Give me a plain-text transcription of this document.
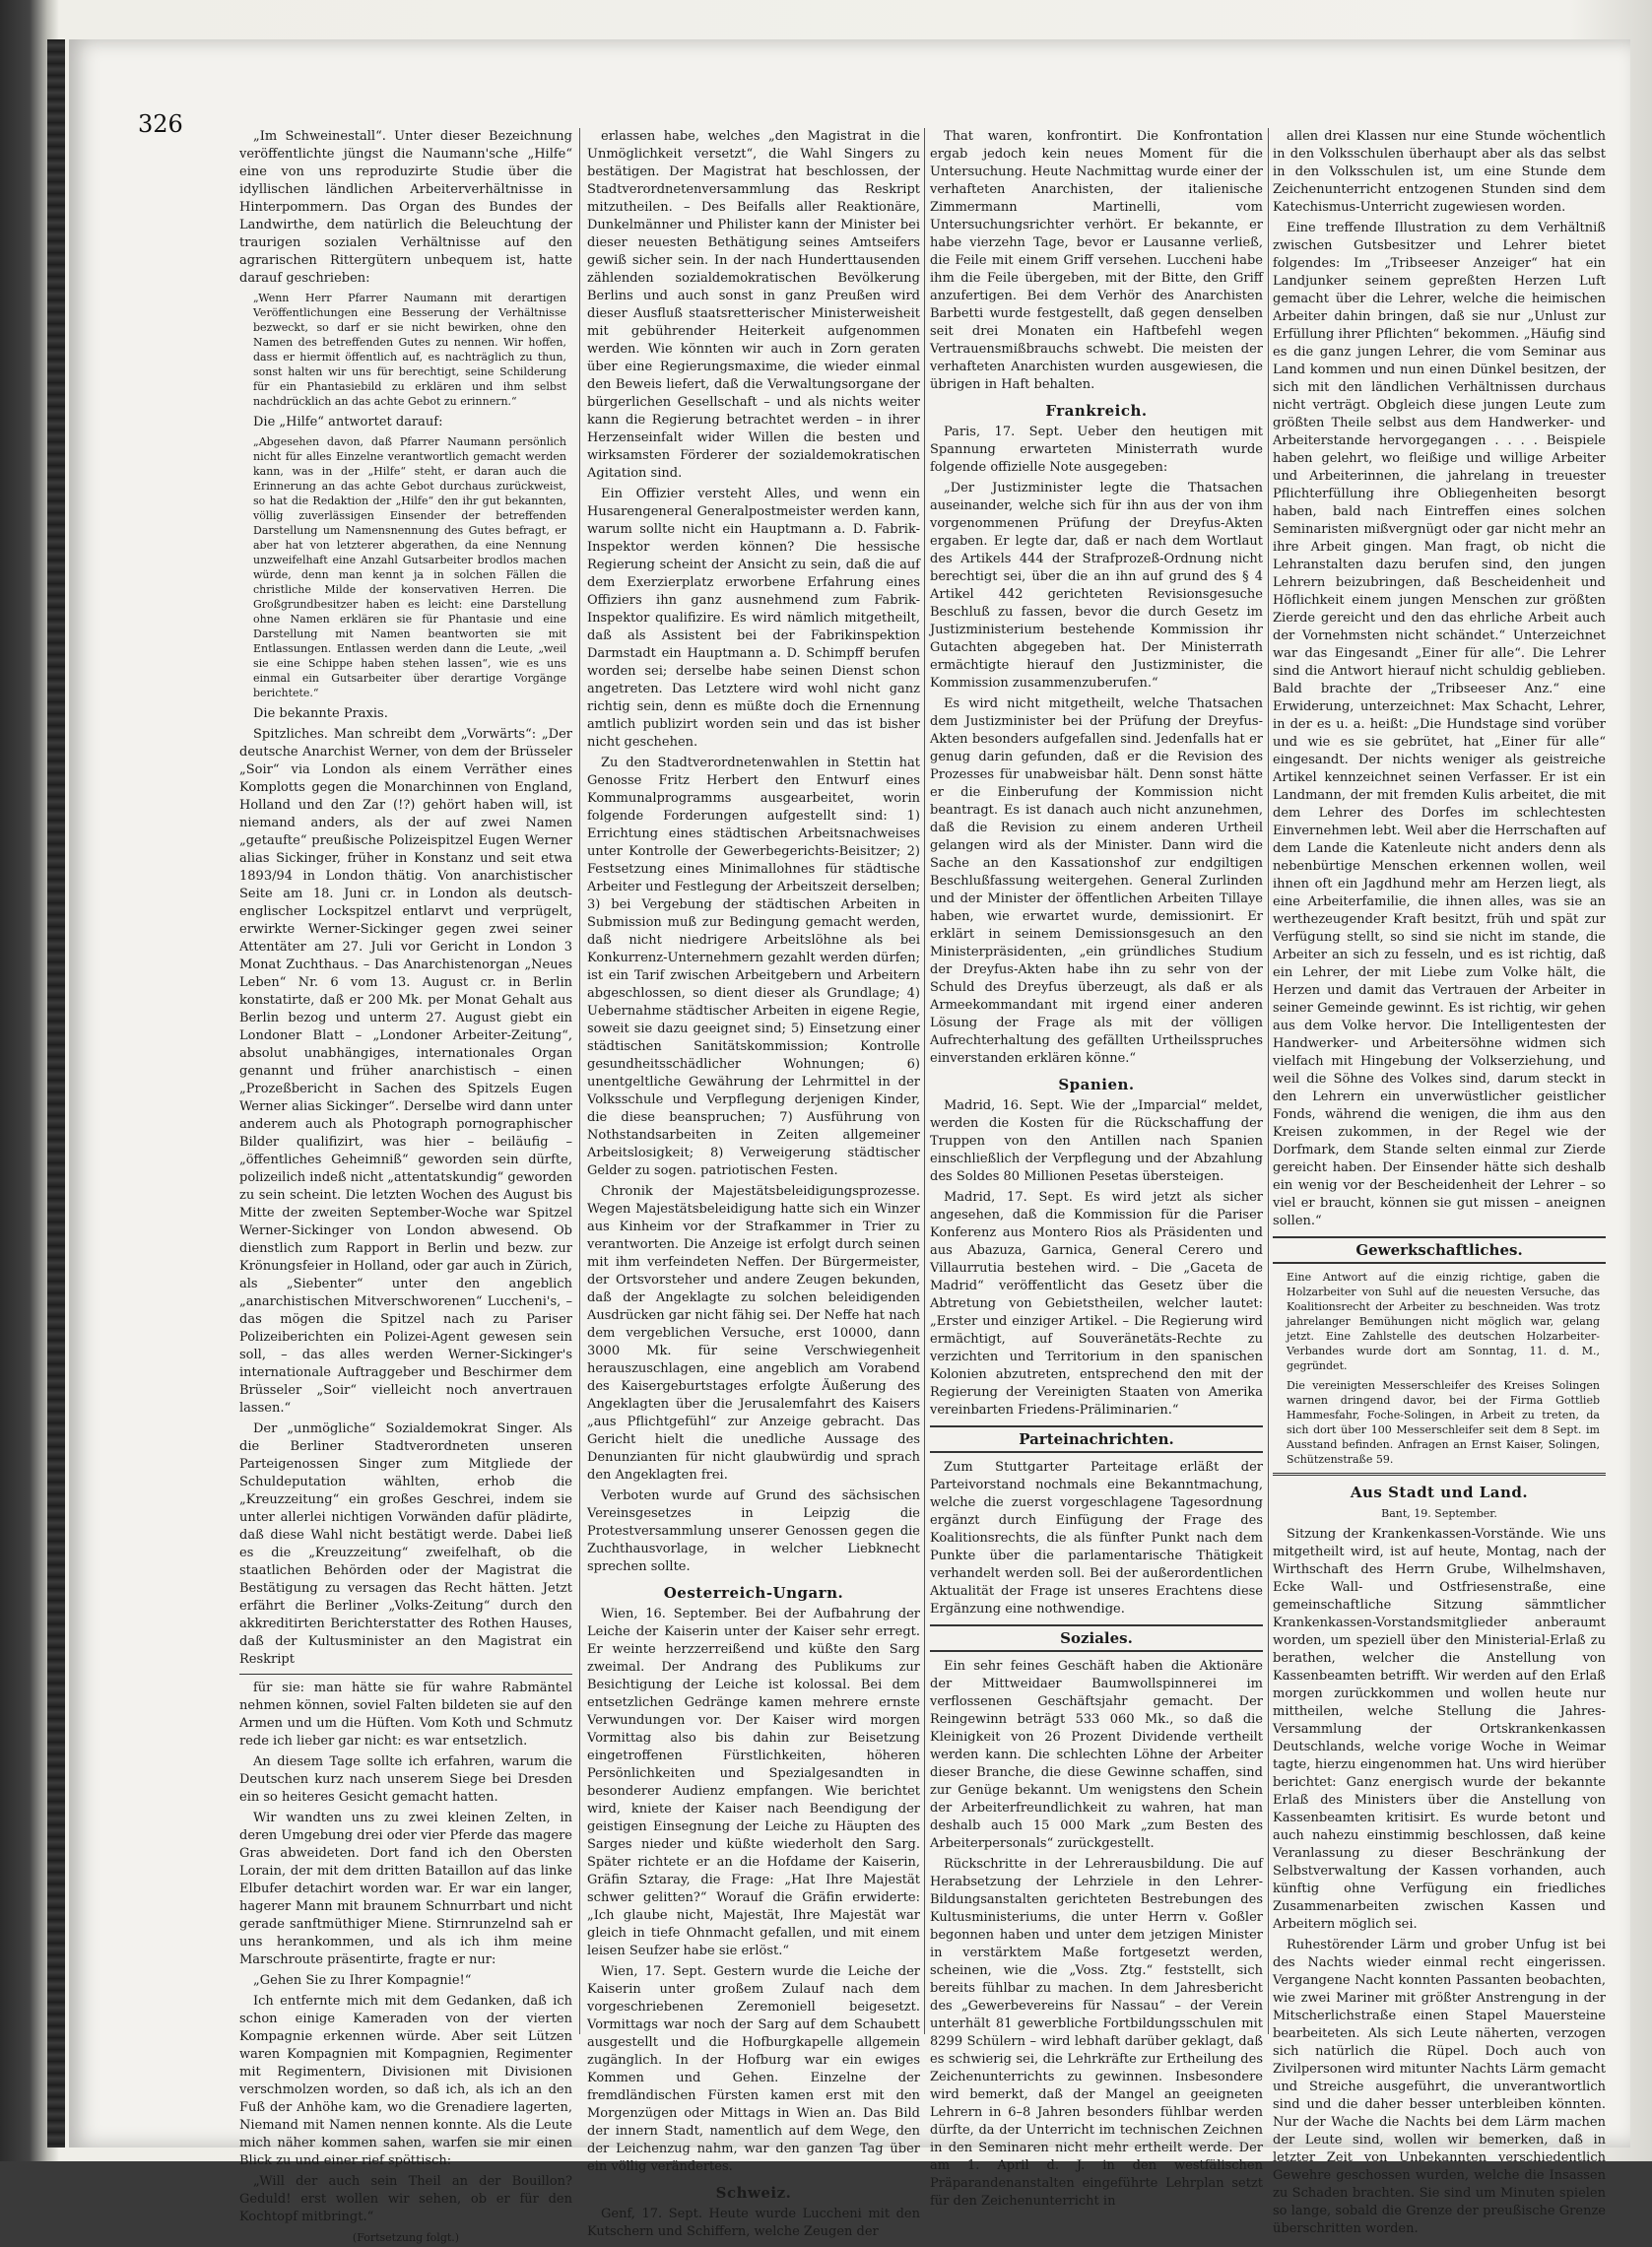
326	„Im Schweinestall“. Unter dieser Bezeichnung veröffentlichte jüngst die Naumann'sche „Hilfe“ eine von uns reproduzirte Studie über die idyllischen ländlichen Arbeiterverhältnisse in Hinterpommern. Das Organ des Bundes der Landwirthe, dem natürlich die Beleuchtung der traurigen sozialen Verhältnisse auf den agrarischen Rittergütern unbequem ist, hatte darauf geschrieben:

„Wenn Herr Pfarrer Naumann mit derartigen Veröffentlichungen eine Besserung der Verhältnisse bezweckt, so darf er sie nicht bewirken, ohne den Namen des betreffenden Gutes zu nennen. Wir hoffen, dass er hiermit öffentlich auf, es nachträglich zu thun, sonst halten wir uns für berechtigt, seine Schilderung für ein Phantasiebild zu erklären und ihm selbst nachdrücklich an das achte Gebot zu erinnern.“

Die „Hilfe“ antwortet darauf:

„Abgesehen davon, daß Pfarrer Naumann persönlich nicht für alles Einzelne verantwortlich gemacht werden kann, was in der „Hilfe“ steht, er daran auch die Erinnerung an das achte Gebot durchaus zurückweist, so hat die Redaktion der „Hilfe“ den ihr gut bekannten, völlig zuverlässigen Einsender der betreffenden Darstellung um Namensnennung des Gutes befragt, er aber hat von letzterer abgerathen, da eine Nennung unzweifelhaft eine Anzahl Gutsarbeiter brodlos machen würde, denn man kennt ja in solchen Fällen die christliche Milde der konservativen Herren. Die Großgrundbesitzer haben es leicht: eine Darstellung ohne Namen erklären sie für Phantasie und eine Darstellung mit Namen beantworten sie mit Entlassungen. Entlassen werden dann die Leute, „weil sie eine Schippe haben stehen lassen“, wie es uns einmal ein Gutsarbeiter über derartige Vorgänge berichtete.“

Die bekannte Praxis.

Spitzliches. Man schreibt dem „Vorwärts“: „Der deutsche Anarchist Werner, von dem der Brüsseler „Soir“ via London als einem Verräther eines Komplotts gegen die Monarchinnen von England, Holland und den Zar (!?) gehört haben will, ist niemand anders, als der auf zwei Namen „getaufte“ preußische Polizeispitzel Eugen Werner alias Sickinger, früher in Konstanz und seit etwa 1893/94 in London thätig. Von anarchistischer Seite am 18. Juni cr. in London als deutsch-englischer Lockspitzel entlarvt und verprügelt, erwirkte Werner-Sickinger gegen zwei seiner Attentäter am 27. Juli vor Gericht in London 3 Monat Zuchthaus. – Das Anarchistenorgan „Neues Leben“ Nr. 6 vom 13. August cr. in Berlin konstatirte, daß er 200 Mk. per Monat Gehalt aus Berlin bezog und unterm 27. August giebt ein Londoner Blatt – „Londoner Arbeiter-Zeitung“, absolut unabhängiges, internationales Organ genannt und früher anarchistisch – einen „Prozeßbericht in Sachen des Spitzels Eugen Werner alias Sickinger“. Derselbe wird dann unter anderem auch als Photograph pornographischer Bilder qualifizirt, was hier – beiläufig – „öffentliches Geheimniß“ geworden sein dürfte, polizeilich indeß nicht „attentatskundig“ geworden zu sein scheint. Die letzten Wochen des August bis Mitte der zweiten September-Woche war Spitzel Werner-Sickinger von London abwesend. Ob dienstlich zum Rapport in Berlin und bezw. zur Krönungsfeier in Holland, oder gar auch in Zürich, als „Siebenter“ unter den angeblich „anarchistischen Mitverschworenen“ Luccheni's, – das mögen die Spitzel nach zu Pariser Polizeiberichten ein Polizei-Agent gewesen sein soll, – das alles werden Werner-Sickinger's internationale Auftraggeber und Beschirmer dem Brüsseler „Soir“ vielleicht noch anvertrauen lassen.“

Der „unmögliche“ Sozialdemokrat Singer. Als die Berliner Stadtverordneten unseren Parteigenossen Singer zum Mitgliede der Schuldeputation wählten, erhob die „Kreuzzeitung“ ein großes Geschrei, indem sie unter allerlei nichtigen Vorwänden dafür plädirte, daß diese Wahl nicht bestätigt werde. Dabei ließ es die „Kreuzzeitung“ zweifelhaft, ob die staatlichen Behörden oder der Magistrat die Bestätigung zu versagen das Recht hätten. Jetzt erfährt die Berliner „Volks-Zeitung“ durch den akkreditirten Berichterstatter des Rothen Hauses, daß der Kultusminister an den Magistrat ein Reskript

für sie: man hätte sie für wahre Rabmäntel nehmen können, soviel Falten bildeten sie auf den Armen und um die Hüften. Vom Koth und Schmutz rede ich lieber gar nicht: es war entsetzlich.

An diesem Tage sollte ich erfahren, warum die Deutschen kurz nach unserem Siege bei Dresden ein so heiteres Gesicht gemacht hatten.

Wir wandten uns zu zwei kleinen Zelten, in deren Umgebung drei oder vier Pferde das magere Gras abweideten. Dort fand ich den Obersten Lorain, der mit dem dritten Bataillon auf das linke Elbufer detachirt worden war. Er war ein langer, hagerer Mann mit braunem Schnurrbart und nicht gerade sanftmüthiger Miene. Stirnrunzelnd sah er uns herankommen, und als ich ihm meine Marschroute präsentirte, fragte er nur:

„Gehen Sie zu Ihrer Kompagnie!“

Ich entfernte mich mit dem Gedanken, daß ich schon einige Kameraden von der vierten Kompagnie erkennen würde. Aber seit Lützen waren Kompagnien mit Kompagnien, Regimenter mit Regimentern, Divisionen mit Divisionen verschmolzen worden, so daß ich, als ich an den Fuß der Anhöhe kam, wo die Grenadiere lagerten, Niemand mit Namen nennen konnte. Als die Leute mich näher kommen sahen, warfen sie mir einen Blick zu und einer rief spöttisch:

„Will der auch sein Theil an der Bouillon? Geduld! erst wollen wir sehen, ob er für den Kochtopf mitbringt.“

(Fortsetzung folgt.)

erlassen habe, welches „den Magistrat in die Unmöglichkeit versetzt“, die Wahl Singers zu bestätigen. Der Magistrat hat beschlossen, der Stadtverordnetenversammlung das Reskript mitzutheilen. – Des Beifalls aller Reaktionäre, Dunkelmänner und Philister kann der Minister bei dieser neuesten Bethätigung seines Amtseifers gewiß sicher sein. In der nach Hunderttausenden zählenden sozialdemokratischen Bevölkerung Berlins und auch sonst in ganz Preußen wird dieser Ausfluß staatsretterischer Ministerweisheit mit gebührender Heiterkeit aufgenommen werden. Wie könnten wir auch in Zorn geraten über eine Regierungsmaxime, die wieder einmal den Beweis liefert, daß die Verwaltungsorgane der bürgerlichen Gesellschaft – und als nichts weiter kann die Regierung betrachtet werden – in ihrer Herzenseinfalt wider Willen die besten und wirksamsten Förderer der sozialdemokratischen Agitation sind.

Ein Offizier versteht Alles, und wenn ein Husarengeneral Generalpostmeister werden kann, warum sollte nicht ein Hauptmann a. D. Fabrik-Inspektor werden können? Die hessische Regierung scheint der Ansicht zu sein, daß die auf dem Exerzierplatz erworbene Erfahrung eines Offiziers ihn ganz ausnehmend zum Fabrik-Inspektor qualifizire. Es wird nämlich mitgetheilt, daß als Assistent bei der Fabrikinspektion Darmstadt ein Hauptmann a. D. Schimpff berufen worden sei; derselbe habe seinen Dienst schon angetreten. Das Letztere wird wohl nicht ganz richtig sein, denn es müßte doch die Ernennung amtlich publizirt worden sein und das ist bisher nicht geschehen.

Zu den Stadtverordnetenwahlen in Stettin hat Genosse Fritz Herbert den Entwurf eines Kommunalprogramms ausgearbeitet, worin folgende Forderungen aufgestellt sind: 1) Errichtung eines städtischen Arbeitsnachweises unter Kontrolle der Gewerbegerichts-Beisitzer; 2) Festsetzung eines Minimallohnes für städtische Arbeiter und Festlegung der Arbeitszeit derselben; 3) bei Vergebung der städtischen Arbeiten in Submission muß zur Bedingung gemacht werden, daß nicht niedrigere Arbeitslöhne als bei Konkurrenz-Unternehmern gezahlt werden dürfen; ist ein Tarif zwischen Arbeitgebern und Arbeitern abgeschlossen, so dient dieser als Grundlage; 4) Uebernahme städtischer Arbeiten in eigene Regie, soweit sie dazu geeignet sind; 5) Einsetzung einer städtischen Sanitätskommission; Kontrolle gesundheitsschädlicher Wohnungen; 6) unentgeltliche Gewährung der Lehrmittel in der Volksschule und Verpflegung derjenigen Kinder, die diese beanspruchen; 7) Ausführung von Nothstandsarbeiten in Zeiten allgemeiner Arbeitslosigkeit; 8) Verweigerung städtischer Gelder zu sogen. patriotischen Festen.

Chronik der Majestätsbeleidigungsprozesse. Wegen Majestätsbeleidigung hatte sich ein Winzer aus Kinheim vor der Strafkammer in Trier zu verantworten. Die Anzeige ist erfolgt durch seinen mit ihm verfeindeten Neffen. Der Bürgermeister, der Ortsvorsteher und andere Zeugen bekunden, daß der Angeklagte zu solchen beleidigenden Ausdrücken gar nicht fähig sei. Der Neffe hat nach dem vergeblichen Versuche, erst 10000, dann 3000 Mk. für seine Verschwiegenheit herauszuschlagen, eine angeblich am Vorabend des Kaisergeburtstages erfolgte Äußerung des Angeklagten über die Jerusalemfahrt des Kaisers „aus Pflichtgefühl“ zur Anzeige gebracht. Das Gericht hielt die unedliche Aussage des Denunzianten für nicht glaubwürdig und sprach den Angeklagten frei.

Verboten wurde auf Grund des sächsischen Vereinsgesetzes in Leipzig die Protestversammlung unserer Genossen gegen die Zuchthausvorlage, in welcher Liebknecht sprechen sollte.

Oesterreich-Ungarn.

Wien, 16. September. Bei der Aufbahrung der Leiche der Kaiserin unter der Kaiser sehr erregt. Er weinte herzzerreißend und küßte den Sarg zweimal. Der Andrang des Publikums zur Besichtigung der Leiche ist kolossal. Bei dem entsetzlichen Gedränge kamen mehrere ernste Verwundungen vor. Der Kaiser wird morgen Vormittag also bis dahin zur Beisetzung eingetroffenen Fürstlichkeiten, höheren Persönlichkeiten und Spezialgesandten in besonderer Audienz empfangen. Wie berichtet wird, kniete der Kaiser nach Beendigung der geistigen Einsegnung der Leiche zu Häupten des Sarges nieder und küßte wiederholt den Sarg. Später richtete er an die Hofdame der Kaiserin, Gräfin Sztaray, die Frage: „Hat Ihre Majestät schwer gelitten?“ Worauf die Gräfin erwiderte: „Ich glaube nicht, Majestät, Ihre Majestät war gleich in tiefe Ohnmacht gefallen, und mit einem leisen Seufzer habe sie erlöst.“

Wien, 17. Sept. Gestern wurde die Leiche der Kaiserin unter großem Zulauf nach dem vorgeschriebenen Zeremoniell beigesetzt. Vormittags war noch der Sarg auf dem Schaubett ausgestellt und die Hofburgkapelle allgemein zugänglich. In der Hofburg war ein ewiges Kommen und Gehen. Einzelne der fremdländischen Fürsten kamen erst mit den Morgenzügen oder Mittags in Wien an. Das Bild der innern Stadt, namentlich auf dem Wege, den der Leichenzug nahm, war den ganzen Tag über ein völlig verändertes.

Schweiz.

Genf, 17. Sept. Heute wurde Luccheni mit den Kutschern und Schiffern, welche Zeugen der

That waren, konfrontirt. Die Konfrontation ergab jedoch kein neues Moment für die Untersuchung. Heute Nachmittag wurde einer der verhafteten Anarchisten, der italienische Zimmermann Martinelli, vom Untersuchungsrichter verhört. Er bekannte, er habe vierzehn Tage, bevor er Lausanne verließ, die Feile mit einem Griff versehen. Luccheni habe ihm die Feile übergeben, mit der Bitte, den Griff anzufertigen. Bei dem Verhör des Anarchisten Barbetti wurde festgestellt, daß gegen denselben seit drei Monaten ein Haftbefehl wegen Vertrauensmißbrauchs schwebt. Die meisten der verhafteten Anarchisten wurden ausgewiesen, die übrigen in Haft behalten.

Frankreich.

Paris, 17. Sept. Ueber den heutigen mit Spannung erwarteten Ministerrath wurde folgende offizielle Note ausgegeben:

„Der Justizminister legte die Thatsachen auseinander, welche sich für ihn aus der von ihm vorgenommenen Prüfung der Dreyfus-Akten ergaben. Er legte dar, daß er nach dem Wortlaut des Artikels 444 der Strafprozeß-Ordnung nicht berechtigt sei, über die an ihn auf grund des § 4 Artikel 442 gerichteten Revisionsgesuche Beschluß zu fassen, bevor die durch Gesetz im Justizministerium bestehende Kommission ihr Gutachten abgegeben hat. Der Ministerrath ermächtigte hierauf den Justizminister, die Kommission zusammenzuberufen.“

Es wird nicht mitgetheilt, welche Thatsachen dem Justizminister bei der Prüfung der Dreyfus-Akten besonders aufgefallen sind. Jedenfalls hat er genug darin gefunden, daß er die Revision des Prozesses für unabweisbar hält. Denn sonst hätte er die Einberufung der Kommission nicht beantragt. Es ist danach auch nicht anzunehmen, daß die Revision zu einem anderen Urtheil gelangen wird als der Minister. Dann wird die Sache an den Kassationshof zur endgiltigen Beschlußfassung weitergehen. General Zurlinden und der Minister der öffentlichen Arbeiten Tillaye haben, wie erwartet wurde, demissionirt. Er erklärt in seinem Demissionsgesuch an den Ministerpräsidenten, „ein gründliches Studium der Dreyfus-Akten habe ihn zu sehr von der Schuld des Dreyfus überzeugt, als daß er als Armeekommandant mit irgend einer anderen Lösung der Frage als mit der völligen Aufrechterhaltung des gefällten Urtheilsspruches einverstanden erklären könne.“

Spanien.

Madrid, 16. Sept. Wie der „Imparcial“ meldet, werden die Kosten für die Rückschaffung der Truppen von den Antillen nach Spanien einschließlich der Verpflegung und der Abzahlung des Soldes 80 Millionen Pesetas übersteigen.

Madrid, 17. Sept. Es wird jetzt als sicher angesehen, daß die Kommission für die Pariser Konferenz aus Montero Rios als Präsidenten und aus Abazuza, Garnica, General Cerero und Villaurrutia bestehen wird. – Die „Gaceta de Madrid“ veröffentlicht das Gesetz über die Abtretung von Gebietstheilen, welcher lautet: „Erster und einziger Artikel. – Die Regierung wird ermächtigt, auf Souveränetäts-Rechte zu verzichten und Territorium in den spanischen Kolonien abzutreten, entsprechend den mit der Regierung der Vereinigten Staaten von Amerika vereinbarten Friedens-Präliminarien.“

Parteinachrichten.

Zum Stuttgarter Parteitage erläßt der Parteivorstand nochmals eine Bekanntmachung, welche die zuerst vorgeschlagene Tagesordnung ergänzt durch Einfügung der Frage des Koalitionsrechts, die als fünfter Punkt nach dem Punkte über die parlamentarische Thätigkeit verhandelt werden soll. Bei der außerordentlichen Aktualität der Frage ist unseres Erachtens diese Ergänzung eine nothwendige.

Soziales.

Ein sehr feines Geschäft haben die Aktionäre der Mittweidaer Baumwollspinnerei im verflossenen Geschäftsjahr gemacht. Der Reingewinn beträgt 533 060 Mk., so daß die Kleinigkeit von 26 Prozent Dividende vertheilt werden kann. Die schlechten Löhne der Arbeiter dieser Branche, die diese Gewinne schaffen, sind zur Genüge bekannt. Um wenigstens den Schein der Arbeiterfreundlichkeit zu wahren, hat man deshalb auch 15 000 Mark „zum Besten des Arbeiterpersonals“ zurückgestellt.

Rückschritte in der Lehrerausbildung. Die auf Herabsetzung der Lehrziele in den Lehrer-Bildungsanstalten gerichteten Bestrebungen des Kultusministeriums, die unter Herrn v. Goßler begonnen haben und unter dem jetzigen Minister in verstärktem Maße fortgesetzt werden, scheinen, wie die „Voss. Ztg.“ feststellt, sich bereits fühlbar zu machen. In dem Jahresbericht des „Gewerbevereins für Nassau“ – der Verein unterhält 81 gewerbliche Fortbildungsschulen mit 8299 Schülern – wird lebhaft darüber geklagt, daß es schwierig sei, die Lehrkräfte zur Ertheilung des Zeichenunterrichts zu gewinnen. Insbesondere wird bemerkt, daß der Mangel an geeigneten Lehrern in 6–8 Jahren besonders fühlbar werden dürfte, da der Unterricht im technischen Zeichnen in den Seminaren nicht mehr ertheilt werde. Der am 1. April d. J. in den westfälischen Präparandenanstalten eingeführte Lehrplan setzt für den Zeichenunterricht in

allen drei Klassen nur eine Stunde wöchentlich in den Volksschulen überhaupt aber als das selbst in den Volksschulen ist, um eine Stunde dem Zeichenunterricht entzogenen Stunden sind dem Katechismus-Unterricht zugewiesen worden.

Eine treffende Illustration zu dem Verhältniß zwischen Gutsbesitzer und Lehrer bietet folgendes: Im „Tribseeser Anzeiger“ hat ein Landjunker seinem gepreßten Herzen Luft gemacht über die Lehrer, welche die heimischen Arbeiter dahin bringen, daß sie nur „Unlust zur Erfüllung ihrer Pflichten“ bekommen. „Häufig sind es die ganz jungen Lehrer, die vom Seminar aus Land kommen und nun einen Dünkel besitzen, der sich mit den ländlichen Verhältnissen durchaus nicht verträgt. Obgleich diese jungen Leute zum größten Theile selbst aus dem Handwerker- und Arbeiterstande hervorgegangen . . . . Beispiele haben gelehrt, wo fleißige und willige Arbeiter und Arbeiterinnen, die jahrelang in treuester Pflichterfüllung ihre Obliegenheiten besorgt haben, bald nach Eintreffen eines solchen Seminaristen mißvergnügt oder gar nicht mehr an ihre Arbeit gingen. Man fragt, ob nicht die Lehranstalten dazu berufen sind, den jungen Lehrern beizubringen, daß Bescheidenheit und Höflichkeit einem jungen Menschen zur größten Zierde gereicht und den das ehrliche Arbeit auch der Vornehmsten nicht schändet.“ Unterzeichnet war das Eingesandt „Einer für alle“. Die Lehrer sind die Antwort hierauf nicht schuldig geblieben. Bald brachte der „Tribseeser Anz.“ eine Erwiderung, unterzeichnet: Max Schacht, Lehrer, in der es u. a. heißt: „Die Hundstage sind vorüber und wie es sie gebrütet, hat „Einer für alle“ eingesandt. Der nichts weniger als geistreiche Artikel kennzeichnet seinen Verfasser. Er ist ein Landmann, der mit fremden Kulis arbeitet, die mit dem Lehrer des Dorfes im schlechtesten Einvernehmen lebt. Weil aber die Herrschaften auf dem Lande die Katenleute nicht anders denn als nebenbürtige Menschen erkennen wollen, weil ihnen oft ein Jagdhund mehr am Herzen liegt, als eine Arbeiterfamilie, die ihnen alles, was sie an werthezeugender Kraft besitzt, früh und spät zur Verfügung stellt, so sind sie nicht im stande, die Arbeiter an sich zu fesseln, und es ist richtig, daß ein Lehrer, der mit Liebe zum Volke hält, die Herzen und damit das Vertrauen der Arbeiter in seiner Gemeinde gewinnt. Es ist richtig, wir gehen aus dem Volke hervor. Die Intelligentesten der Handwerker- und Arbeitersöhne widmen sich vielfach mit Hingebung der Volkserziehung, und weil die Söhne des Volkes sind, darum steckt in den Lehrern ein unverwüstlicher geistlicher Fonds, während die wenigen, die ihm aus den Kreisen zukommen, in der Regel wie der Dorfmark, dem Stande selten einmal zur Zierde gereicht haben. Der Einsender hätte sich deshalb ein wenig vor der Bescheidenheit der Lehrer – so viel er braucht, können sie gut missen – aneignen sollen.“

Gewerkschaftliches.

Eine Antwort auf die einzig richtige, gaben die Holzarbeiter von Suhl auf die neuesten Versuche, das Koalitionsrecht der Arbeiter zu beschneiden. Was trotz jahrelanger Bemühungen nicht möglich war, gelang jetzt. Eine Zahlstelle des deutschen Holzarbeiter-Verbandes wurde dort am Sonntag, 11. d. M., gegründet.

Die vereinigten Messerschleifer des Kreises Solingen warnen dringend davor, bei der Firma Gottlieb Hammesfahr, Foche-Solingen, in Arbeit zu treten, da sich dort über 100 Messerschleifer seit dem 8 Sept. im Ausstand befinden. Anfragen an Ernst Kaiser, Solingen, Schützenstraße 59.

Aus Stadt und Land.

Bant, 19. September.

Sitzung der Krankenkassen-Vorstände. Wie uns mitgetheilt wird, ist auf heute, Montag, nach der Wirthschaft des Herrn Grube, Wilhelmshaven, Ecke Wall- und Ostfriesenstraße, eine gemeinschaftliche Sitzung sämmtlicher Krankenkassen-Vorstandsmitglieder anberaumt worden, um speziell über den Ministerial-Erlaß zu berathen, welcher die Anstellung von Kassenbeamten betrifft. Wir werden auf den Erlaß morgen zurückkommen und wollen heute nur mittheilen, welche Stellung die Jahres-Versammlung der Ortskrankenkassen Deutschlands, welche vorige Woche in Weimar tagte, hierzu eingenommen hat. Uns wird hierüber berichtet: Ganz energisch wurde der bekannte Erlaß des Ministers über die Anstellung von Kassenbeamten kritisirt. Es wurde betont und auch nahezu einstimmig beschlossen, daß keine Veranlassung zu dieser Beschränkung der Selbstverwaltung der Kassen vorhanden, auch künftig ohne Verfügung ein friedliches Zusammenarbeiten zwischen Kassen und Arbeitern möglich sei.

Ruhestörender Lärm und grober Unfug ist bei des Nachts wieder einmal recht eingerissen. Vergangene Nacht konnten Passanten beobachten, wie zwei Mariner mit größter Anstrengung in der Mitscherlichstraße einen Stapel Mauersteine bearbeiteten. Als sich Leute näherten, verzogen sich natürlich die Rüpel. Doch auch von Zivilpersonen wird mitunter Nachts Lärm gemacht und Streiche ausgeführt, die unverantwortlich sind und die daher besser unterbleiben könnten. Nur der Wache die Nachts bei dem Lärm machen der Leute sind, wollen wir bemerken, daß in letzter Zeit von Unbekannten verschiedentlich Gewehre geschossen wurden, welche die Insassen zu Schaden brachten. Sie sind um Minuten spielen so lange, sobald die Grenze der preußische Grenze überschritten worden.
